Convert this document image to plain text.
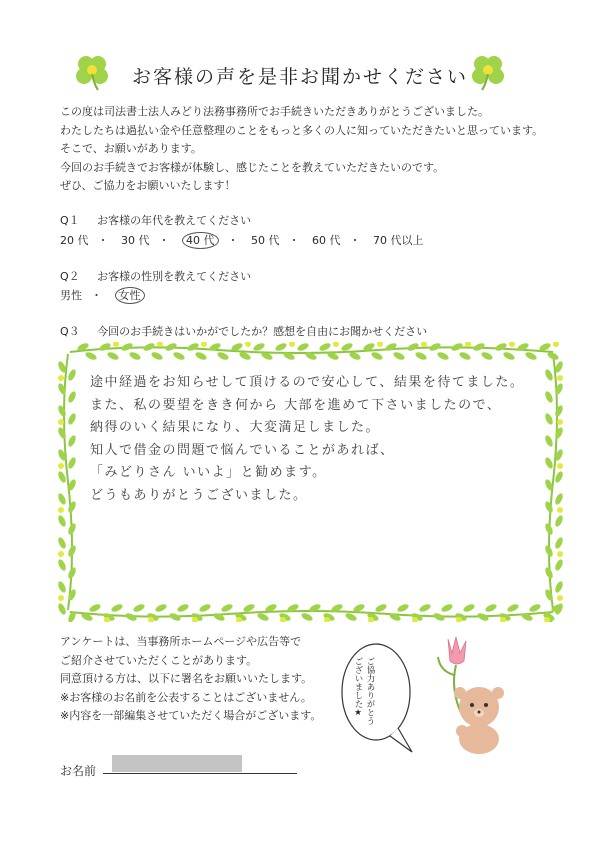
お客様の声を是非お聞かせください
この度は司法書士法人みどり法務事務所でお手続きいただきありがとうございました。
わたしたちは過払い金や任意整理のことをもっと多くの人に知っていただきたいと思っています。
そこで、お願いがあります。
今回のお手続きでお客様が体験し、感じたことを教えていただきたいのです。
ぜひ、ご協力をお願いいたします！
Q１ お客様の年代を教えてください
20 代 ・ 30 代 ・ 40 代 ・ 50 代 ・ 60 代 ・ 70 代以上
Q２ お客様の性別を教えてください
男性 ・ 女性
Q３ 今回のお手続きはいかがでしたか？感想を自由にお聞かせください
途中経過をお知らせして頂けるので安心して、結果を待てました。
また、私の要望をきき何から 大部を進めて下さいましたので、
納得のいく結果になり、大変満足しました。
知人で借金の問題で悩んでいることがあれば、
「みどりさん いいよ」と勧めます。
どうもありがとうございました。
アンケートは、当事務所ホームページや広告等で
ご紹介させていただくことがあります。
同意頂ける方は、以下に署名をお願いいたします。
※お客様のお名前を公表することはございません。
※内容を一部編集させていただく場合がございます。	ご協力ありがとう
ございました★
お名前
